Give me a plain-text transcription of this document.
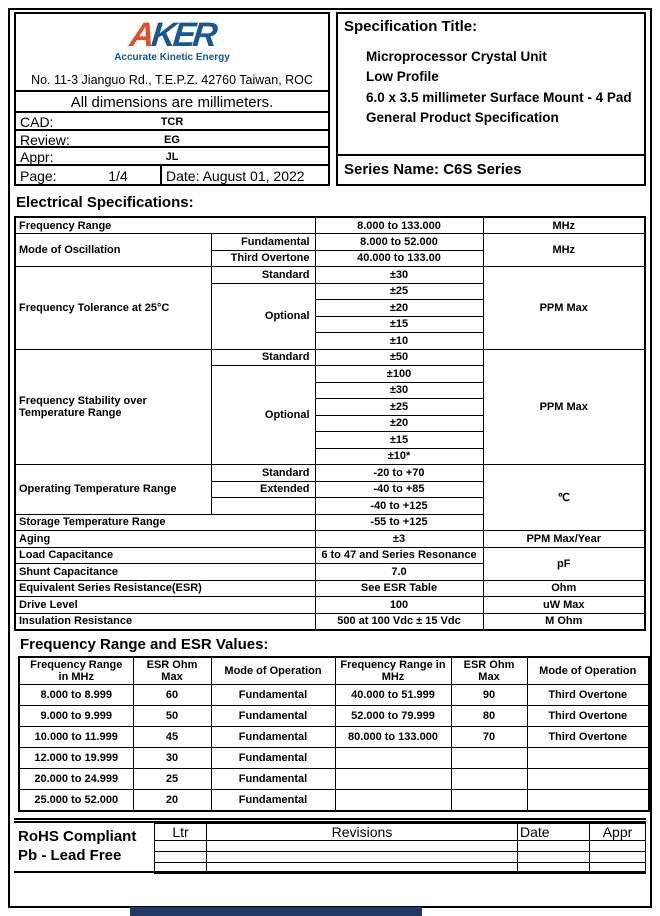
AKER
Accurate Kinetic Energy
No. 11-3 Jianguo Rd., T.E.P.Z. 42760 Taiwan, ROC
All dimensions are millimeters.
CAD:	TCR
Review:	EG
Appr:	JL
Page:	1/4	Date: August 01, 2022
Specification Title:
Microprocessor Crystal Unit
Low Profile
6.0 x 3.5 millimeter Surface Mount - 4 Pad
General Product Specification
Series Name: C6S Series
Electrical Specifications:
Frequency Range		8.000 to 133.000	MHz
Mode of Oscillation	Fundamental	8.000 to 52.000	MHz
	Third Overtone	40.000 to 133.00	
Frequency Tolerance at 25°C	Standard	±30	PPM Max
	Optional	±25	
		±20	
		±15	
		±10	
Frequency Stability over Temperature Range	Standard	±50	PPM Max
	Optional	±100	
		±30	
		±25	
		±20	
		±15	
		±10*	
Operating Temperature Range	Standard	-20 to +70	℃
	Extended	-40 to +85	
		-40 to +125	
Storage Temperature Range		-55 to +125	
Aging		±3	PPM Max/Year
Load Capacitance		6 to 47 and Series Resonance	pF
Shunt Capacitance		7.0	
Equivalent Series Resistance(ESR)		See ESR Table	Ohm
Drive Level		100	uW Max
Insulation Resistance		500 at 100 Vdc ± 15 Vdc	M Ohm
Frequency Range and ESR Values:
Frequency Range in MHz	ESR Ohm Max	Mode of Operation	Frequency Range in MHz	ESR Ohm Max	Mode of Operation
8.000 to 8.999	60	Fundamental	40.000 to 51.999	90	Third Overtone
9.000 to 9.999	50	Fundamental	52.000 to 79.999	80	Third Overtone
10.000 to 11.999	45	Fundamental	80.000 to 133.000	70	Third Overtone
12.000 to 19.999	30	Fundamental			
20.000 to 24.999	25	Fundamental			
25.000 to 52.000	20	Fundamental			
RoHS Compliant
Pb - Lead Free
Ltr	Revisions	Date	Appr
